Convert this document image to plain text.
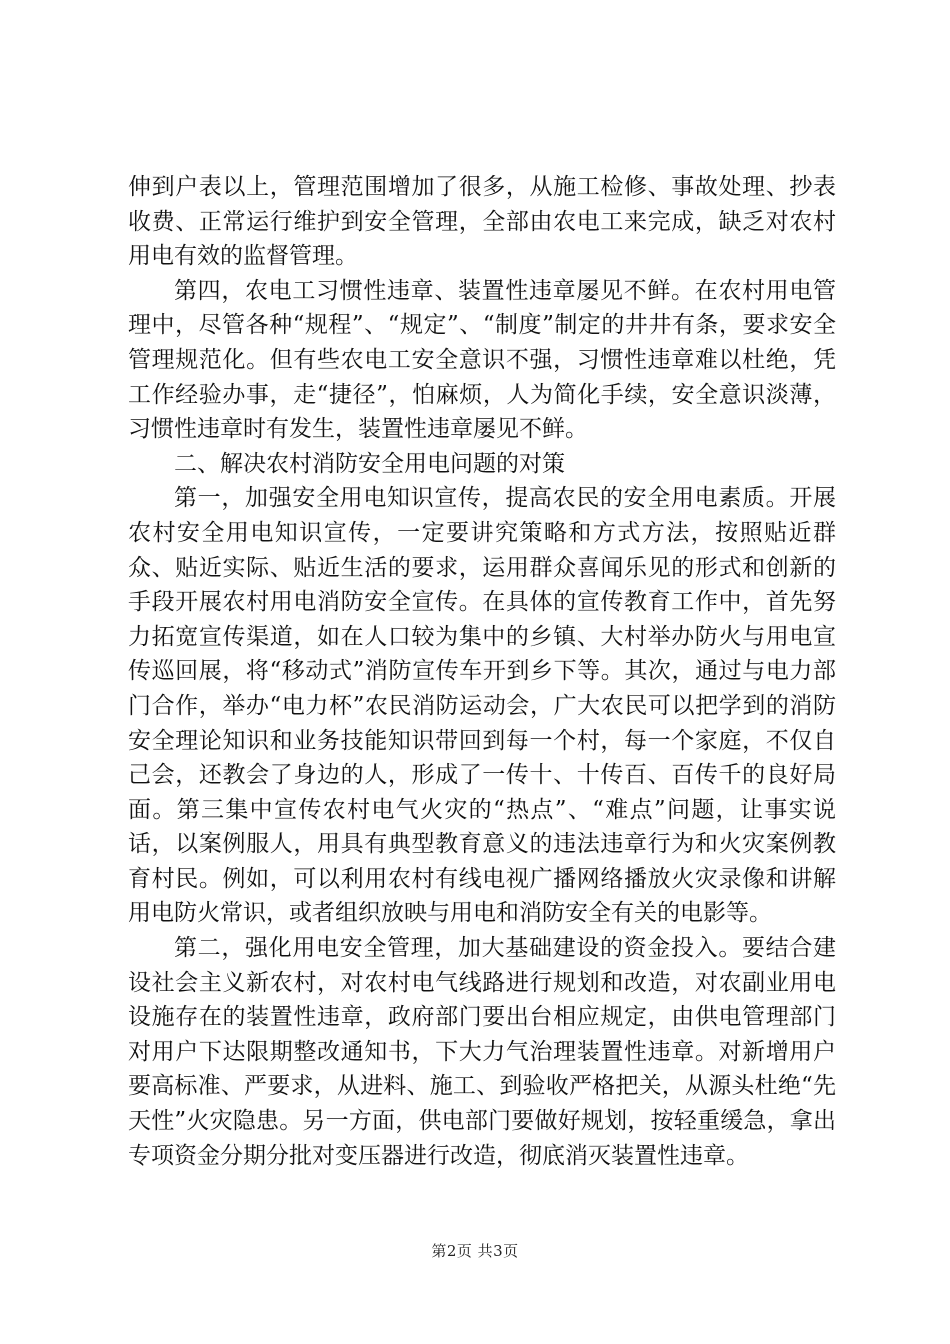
伸到户表以上，管理范围增加了很多，从施工检修、事故处理、抄表收费、正常运行维护到安全管理，全部由农电工来完成，缺乏对农村用电有效的监督管理。

第四，农电工习惯性违章、装置性违章屡见不鲜。在农村用电管理中，尽管各种“规程”、“规定”、“制度”制定的井井有条，要求安全管理规范化。但有些农电工安全意识不强，习惯性违章难以杜绝，凭工作经验办事，走“捷径”，怕麻烦，人为简化手续，安全意识淡薄，习惯性违章时有发生，装置性违章屡见不鲜。

二、解决农村消防安全用电问题的对策

第一，加强安全用电知识宣传，提高农民的安全用电素质。开展农村安全用电知识宣传，一定要讲究策略和方式方法，按照贴近群众、贴近实际、贴近生活的要求，运用群众喜闻乐见的形式和创新的手段开展农村用电消防安全宣传。在具体的宣传教育工作中，首先努力拓宽宣传渠道，如在人口较为集中的乡镇、大村举办防火与用电宣传巡回展，将“移动式”消防宣传车开到乡下等。其次，通过与电力部门合作，举办“电力杯”农民消防运动会，广大农民可以把学到的消防安全理论知识和业务技能知识带回到每一个村，每一个家庭，不仅自己会，还教会了身边的人，形成了一传十、十传百、百传千的良好局面。第三集中宣传农村电气火灾的“热点”、“难点”问题，让事实说话，以案例服人，用具有典型教育意义的违法违章行为和火灾案例教育村民。例如，可以利用农村有线电视广播网络播放火灾录像和讲解用电防火常识，或者组织放映与用电和消防安全有关的电影等。

第二，强化用电安全管理，加大基础建设的资金投入。要结合建设社会主义新农村，对农村电气线路进行规划和改造，对农副业用电设施存在的装置性违章，政府部门要出台相应规定，由供电管理部门对用户下达限期整改通知书，下大力气治理装置性违章。对新增用户要高标准、严要求，从进料、施工、到验收严格把关，从源头杜绝“先天性”火灾隐患。另一方面，供电部门要做好规划，按轻重缓急，拿出专项资金分期分批对变压器进行改造，彻底消灭装置性违章。

第2页 共3页
